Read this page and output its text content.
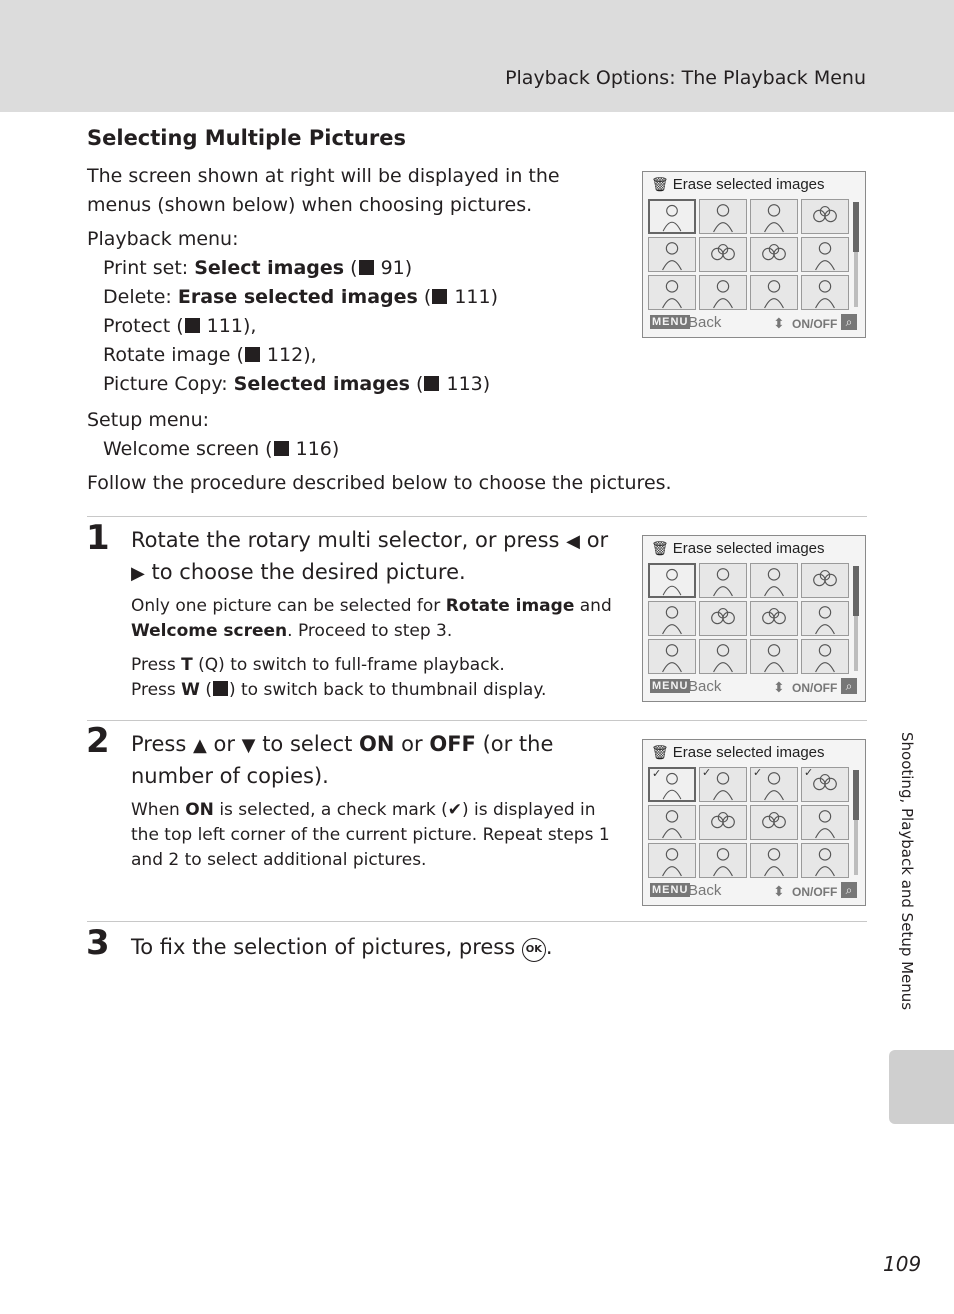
Playback Options: The Playback Menu
Selecting Multiple Pictures
The screen shown at right will be displayed in the
menus (shown below) when choosing pictures.
Playback menu:
Print set: Select images ( 91)
Delete: Erase selected images ( 111)
Protect ( 111),
Rotate image ( 112),
Picture Copy: Selected images ( 113)
Setup menu:
Welcome screen ( 116)
Follow the procedure described below to choose the pictures.
🗑 Erase selected images
MENU Back	⬍ ON/OFF ⌕
1 Rotate the rotary multi selector, or press ◀ or
▶ to choose the desired picture.
Only one picture can be selected for Rotate image and
Welcome screen. Proceed to step 3.
Press T (Q) to switch to full-frame playback.
Press W ( ) to switch back to thumbnail display.
🗑 Erase selected images
MENU Back	⬍ ON/OFF ⌕
2 Press ▲ or ▼ to select ON or OFF (or the number of copies).
When ON is selected, a check mark (✔) is displayed in the top left corner of the current picture. Repeat steps 1 and 2 to select additional pictures.
🗑 Erase selected images
✓	✓	✓	✓
MENU Back	⬍ ON/OFF ⌕
3 To fix the selection of pictures, press OK .	Shooting, Playback and Setup Menus
109
